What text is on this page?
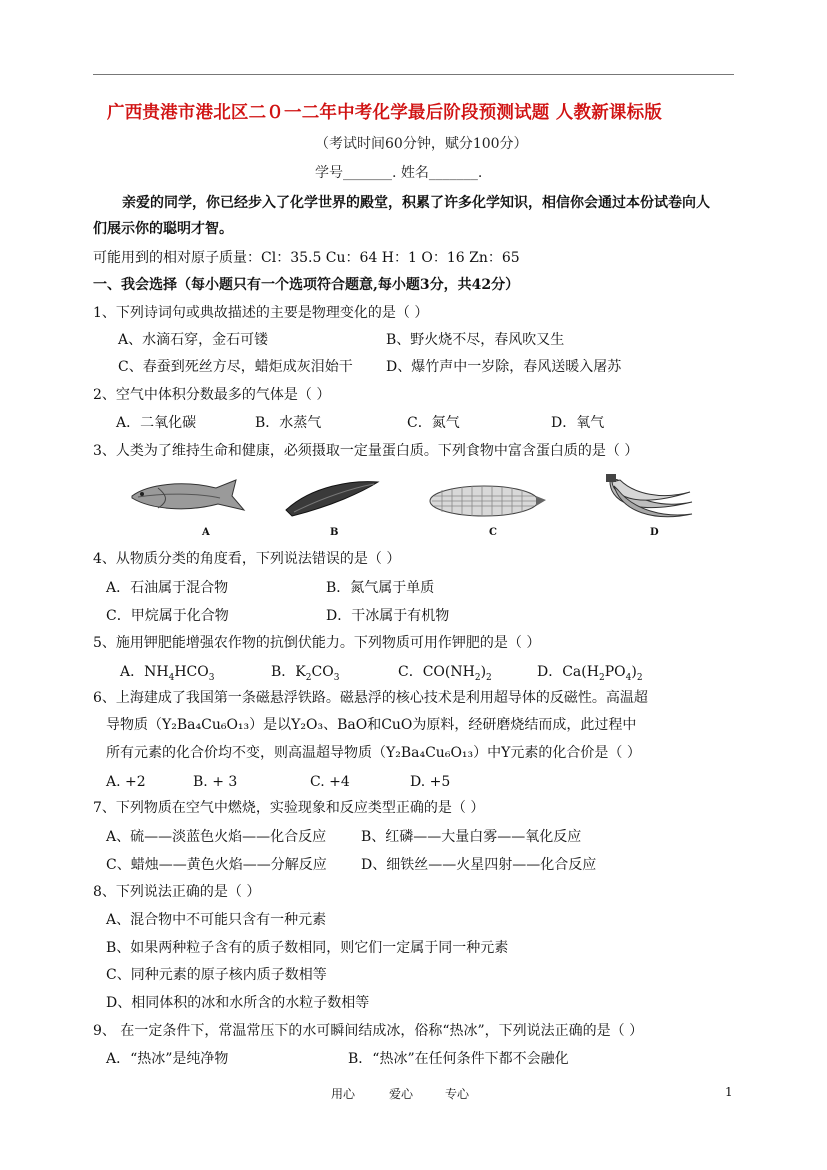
广西贵港市港北区二０一二年中考化学最后阶段预测试题 人教新课标版
（考试时间60分钟，赋分100分）
学号_______. 姓名_______.
亲爱的同学，你已经步入了化学世界的殿堂，积累了许多化学知识，相信你会通过本份试卷向人
们展示你的聪明才智。
可能用到的相对原子质量：Cl：35.5 Cu：64 H：1 O：16 Zn：65
一、我会选择（每小题只有一个选项符合题意,每小题3分，共42分）
1、下列诗词句或典故描述的主要是物理变化的是（ ）
A、水滴石穿，金石可镂	B、野火烧不尽，春风吹又生
C、春蚕到死丝方尽，蜡炬成灰泪始干 D、爆竹声中一岁除，春风送暖入屠苏
2、空气中体积分数最多的气体是（ ）
A．二氧化碳	B．水蒸气	C．氮气	D．氧气
3、人类为了维持生命和健康，必须摄取一定量蛋白质。下列食物中富含蛋白质的是（ ）
A	B	C	D
4、从物质分类的角度看，下列说法错误的是（ ）
A．石油属于混合物	B．氮气属于单质
C．甲烷属于化合物	D．干冰属于有机物
5、施用钾肥能增强农作物的抗倒伏能力。下列物质可用作钾肥的是（ ）
A．$NH_4HCO_3$	B．$K_2CO_3$	C．$CO(NH_2)_2$	D．$Ca(H_2PO_4)_2$
6、上海建成了我国第一条磁悬浮铁路。磁悬浮的核心技术是利用超导体的反磁性。高温超
导物质（Y₂Ba₄Cu₆O₁₃）是以Y₂O₃、BaO和CuO为原料，经研磨烧结而成，此过程中
所有元素的化合价均不变，则高温超导物质（Y₂Ba₄Cu₆O₁₃）中Y元素的化合价是（ ）
A. +2	B. + 3	C. +4	D. +5
7、下列物质在空气中燃烧，实验现象和反应类型正确的是（ ）
A、硫——淡蓝色火焰——化合反应 B、红磷——大量白雾——氧化反应
C、蜡烛——黄色火焰——分解反应 D、细铁丝——火星四射——化合反应
8、下列说法正确的是（ ）
A、混合物中不可能只含有一种元素
B、如果两种粒子含有的质子数相同，则它们一定属于同一种元素
C、同种元素的原子核内质子数相等
D、相同体积的冰和水所含的水粒子数相等
9、 在一定条件下，常温常压下的水可瞬间结成冰，俗称“热冰”，下列说法正确的是（ ）
A．“热冰”是纯净物	B．“热冰”在任何条件下都不会融化
用心	爱心	专心	1
